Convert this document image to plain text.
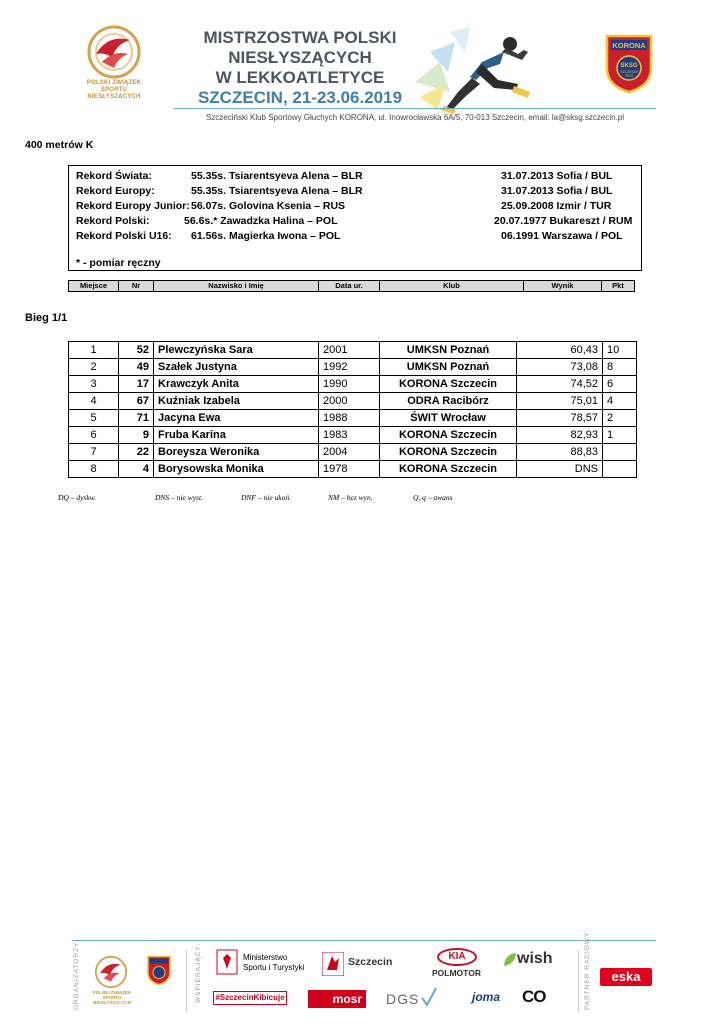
POLSKI ZWIĄZEK
SPORTU NIESŁYSZĄCYCH
MISTRZOSTWA POLSKI
NIESŁYSZĄCYCH
W LEKKOATLETYCE
SZCZECIN, 21-23.06.2019
KORONA
SKSG
SZCZECIN
2013
Szczeciński Klub Sportowy Głuchych KORONA, ul. Inowrocławska 6A/5, 70-013 Szczecin, email: la@sksg.szczecin.pl
400 metrów K
Rekord Świata:	55.35s. Tsiarentsyeva Alena – BLR	31.07.2013 Sofia / BUL
Rekord Europy:	55.35s. Tsiarentsyeva Alena – BLR	31.07.2013 Sofia / BUL
Rekord Europy Junior: 56.07s. Golovina Ksenia – RUS	25.09.2008 Izmir / TUR
Rekord Polski:	56.6s.* Zawadzka Halina – POL	20.07.1977 Bukareszt / RUM
Rekord Polski U16: 61.56s. Magierka Iwona – POL	06.1991 Warszawa / POL
* - pomiar ręczny
Miejsce	Nr	Nazwisko i Imię	Data ur.	Klub	Wynik	Pkt
Bieg 1/1
1	52	Plewczyńska Sara	2001	UMKSN Poznań	60,43	10
2	49	Szałek Justyna	1992	UMKSN Poznań	73,08	8
3	17	Krawczyk Anita	1990	KORONA Szczecin	74,52	6
4	67	Kuźniak Izabela	2000	ODRA Racibórz	75,01	4
5	71	Jacyna Ewa	1988	ŚWIT Wrocław	78,57	2
6	9	Fruba Karina	1983	KORONA Szczecin	82,93	1
7	22	Boreysza Weronika	2004	KORONA Szczecin	88,83	
8	4	Borysowska Monika	1978	KORONA Szczecin	DNS	
DQ – dyskw.	DNS – nie wyst.	DNF – nie ukoń.	NM – bez wyn.	Q, q – awans
ORGANIZATORZY:	POLSKI ZWIĄZEK
SPORTU NIESŁYSZĄCYCH	WSPIERAJĄCY:	Ministerstwo
Sportu i Turystyki
#SzczecinKibicuje
Szczecin
mosr DGS
KIA
POLMOTOR
joma
wish
CO	PARTNER RADIOWY:	eska
